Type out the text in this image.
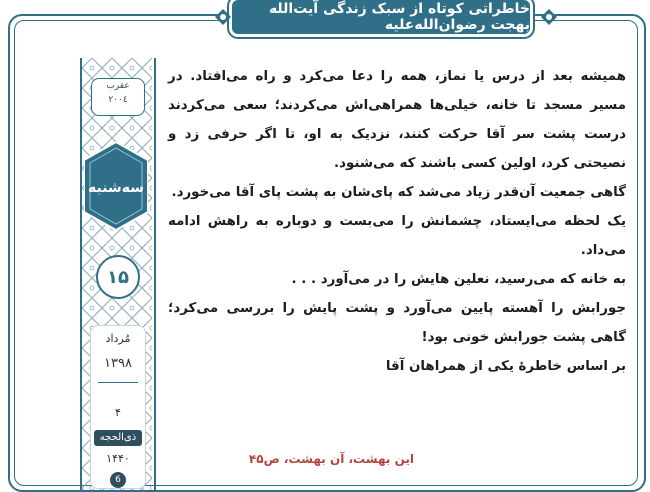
خاطراتی کوتاه از سبک زندگی آیت‌الله بهجت رضوان‌الله‌علیه
عقرب
۲۰۰٤
سه‌شنبه
۱۵
مُرداد
۱۳۹۸
۴
ذی‌الحجه
۱۴۴۰
6

همیشه بعد از درس یا نماز، همه را دعا می‌کرد و راه می‌افتاد. در مسیر مسجد تا خانه، خیلی‌ها همراهی‌اش می‌کردند؛ سعی می‌کردند درست پشت سر آقا حرکت کنند، نزدیک به او، تا اگر حرفی زد و نصیحتی کرد، اولین کسی باشند که می‌شنود.

گاهی جمعیت آن‌قدر زیاد می‌شد که پای‌شان به پشت پای آقا می‌خورد.

یک لحظه می‌ایستاد، چشمانش را می‌بست و دوباره به راهش ادامه می‌داد.

به خانه که می‌رسید، نعلین هایش را در می‌آورد . . .

جورابش را آهسته پایین می‌آورد و پشت پایش را بررسی می‌کرد؛ گاهی پشت جورابش خونی بود!

بر اساس خاطرهٔ یکی از همراهان آقا

این بهشت، آن بهشت، ص۴۵
